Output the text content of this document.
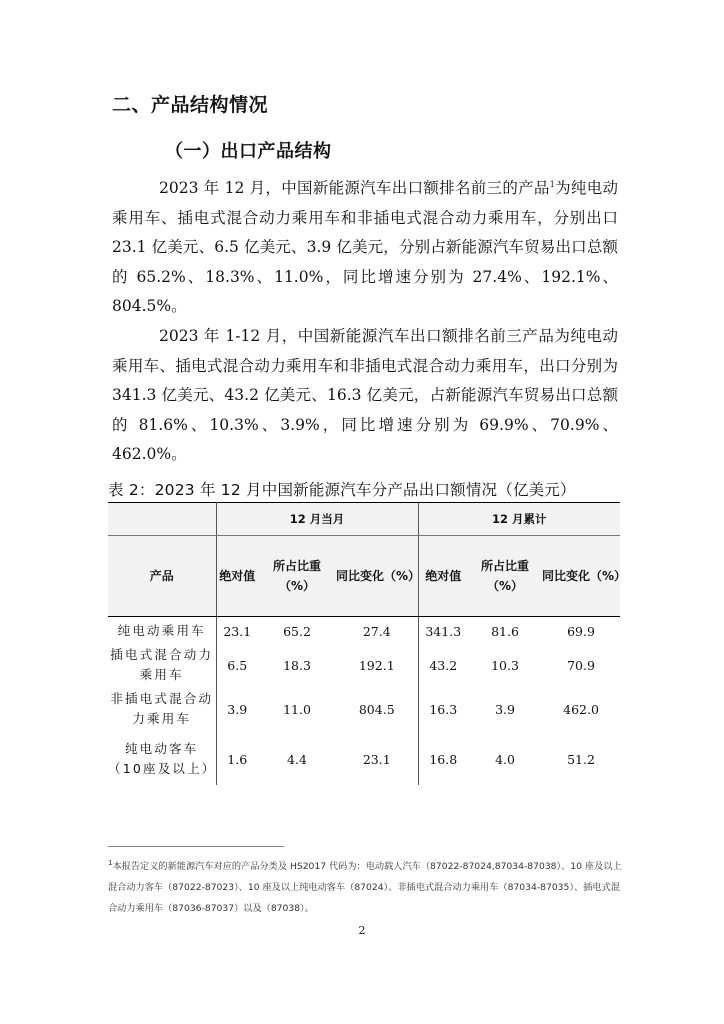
二、产品结构情况
（一）出口产品结构

2023 年 12 月，中国新能源汽车出口额排名前三的产品$^1$为纯电动乘用车、插电式混合动力乘用车和非插电式混合动力乘用车，分别出口 23.1 亿美元、6.5 亿美元、3.9 亿美元，分别占新能源汽车贸易出口总额的 65.2%、18.3%、11.0%，同比增速分别为 27.4%、192.1%、804.5%。

2023 年 1-12 月，中国新能源汽车出口额排名前三产品为纯电动乘用车、插电式混合动力乘用车和非插电式混合动力乘用车，出口分别为 341.3 亿美元、43.2 亿美元、16.3 亿美元，占新能源汽车贸易出口总额的 81.6%、10.3%、3.9%，同比增速分别为 69.9%、70.9%、462.0%。

表 2：2023 年 12 月中国新能源汽车分产品出口额情况（亿美元）
	12 月当月			12 月累计		
产品	绝对值	所占比重（%）	同比变化（%）	绝对值	所占比重（%）	同比变化（%）
纯电动乘用车	23.1	65.2	27.4	341.3	81.6	69.9
插电式混合动力乘用车	6.5	18.3	192.1	43.2	10.3	70.9
非插电式混合动力乘用车	3.9	11.0	804.5	16.3	3.9	462.0
纯电动客车（10座及以上）	1.6	4.4	23.1	16.8	4.0	51.2

$^1$本报告定义的新能源汽车对应的产品分类及 HS2017 代码为：电动载人汽车（87022-87024,87034-87038）、10 座及以上混合动力客车（87022-87023）、10 座及以上纯电动客车（87024）、非插电式混合动力乘用车（87034-87035）、插电式混合动力乘用车（87036-87037）以及（87038）。

2
